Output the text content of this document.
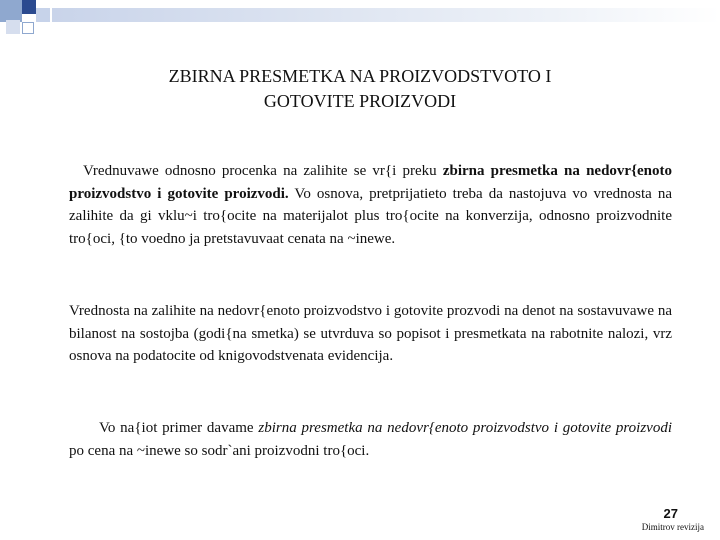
ZBIRNA PRESMETKA NA PROIZVODSTVOTO I
GOTOVITE PROIZVODI

Vrednuvawe odnosno procenka na zalihite se vr{i preku zbirna presmetka na nedovr{enoto proizvodstvo i gotovite proizvodi. Vo osnova, pretprijatieto treba da nastojuva vo vrednosta na zalihite da gi vklu~i tro{ocite na materijalot plus tro{ocite na konverzija, odnosno proizvodnite tro{oci, {to voedno ja pretstavuvaat cenata na ~inewe.

Vrednosta na zalihite na nedovr{enoto proizvodstvo i gotovite prozvodi na denot na sostavuvawe na bilanost na sostojba (godi{na smetka) se utvrduva so popisot i presmetkata na rabotnite nalozi, vrz osnova na podatocite od knigovodstvenata evidencija.

Vo na{iot primer davame zbirna presmetka na nedovr{enoto proizvodstvo i gotovite proizvodi po cena na ~inewe so sodr`ani proizvodni tro{oci.

27
Dimitrov revizija
